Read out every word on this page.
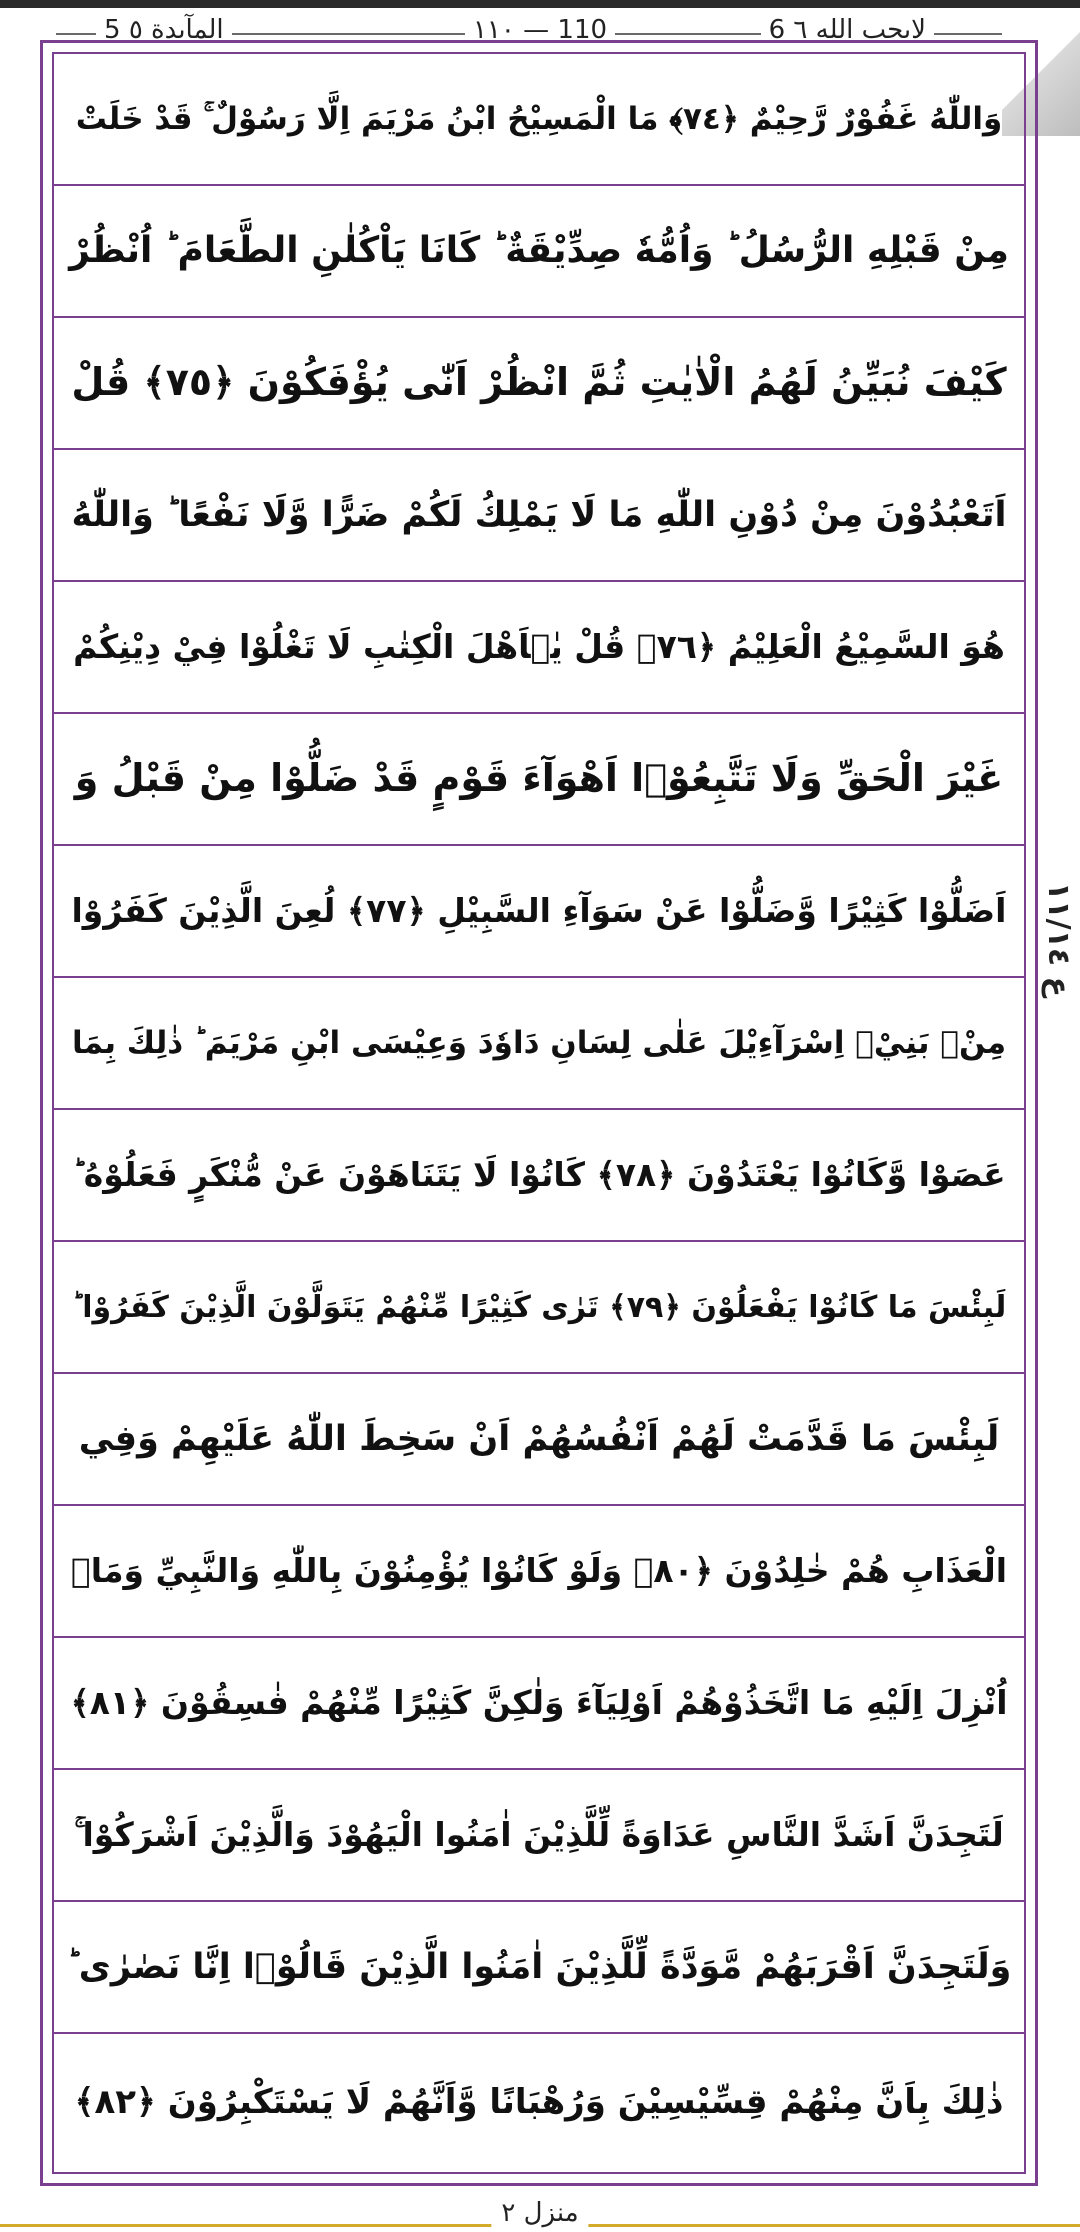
5 المآيدة ٥	١١٠ — 110	6 لايحب الله ٦
وَاللّٰهُ غَفُوْرٌ رَّحِيْمٌ ﴿٧٤﴾ مَا الْمَسِيْحُ ابْنُ مَرْيَمَ اِلَّا رَسُوْلٌ ۚ قَدْ خَلَتْ
مِنْ قَبْلِهِ الرُّسُلُ ؕ وَاُمُّهٗ صِدِّيْقَةٌ ؕ كَانَا يَاْكُلٰنِ الطَّعَامَ ؕ اُنْظُرْ
كَيْفَ نُبَيِّنُ لَهُمُ الْاٰيٰتِ ثُمَّ انْظُرْ اَنّٰى يُؤْفَكُوْنَ ﴿٧٥﴾ قُلْ
اَتَعْبُدُوْنَ مِنْ دُوْنِ اللّٰهِ مَا لَا يَمْلِكُ لَكُمْ ضَرًّا وَّلَا نَفْعًا ؕ وَاللّٰهُ
هُوَ السَّمِيْعُ الْعَلِيْمُ ﴿٧٦﴾ قُلْ يٰۤاَهْلَ الْكِتٰبِ لَا تَغْلُوْا فِيْ دِيْنِكُمْ
غَيْرَ الْحَقِّ وَلَا تَتَّبِعُوْۤا اَهْوَآءَ قَوْمٍ قَدْ ضَلُّوْا مِنْ قَبْلُ وَ
اَضَلُّوْا كَثِيْرًا وَّضَلُّوْا عَنْ سَوَآءِ السَّبِيْلِ ﴿٧٧﴾ لُعِنَ الَّذِيْنَ كَفَرُوْا
مِنْۢ بَنِيْۤ اِسْرَآءِيْلَ عَلٰى لِسَانِ دَاوٗدَ وَعِيْسَى ابْنِ مَرْيَمَ ؕ ذٰلِكَ بِمَا
عَصَوْا وَّكَانُوْا يَعْتَدُوْنَ ﴿٧٨﴾ كَانُوْا لَا يَتَنَاهَوْنَ عَنْ مُّنْكَرٍ فَعَلُوْهُ ؕ
لَبِئْسَ مَا كَانُوْا يَفْعَلُوْنَ ﴿٧٩﴾ تَرٰى كَثِيْرًا مِّنْهُمْ يَتَوَلَّوْنَ الَّذِيْنَ كَفَرُوْا ؕ
لَبِئْسَ مَا قَدَّمَتْ لَهُمْ اَنْفُسُهُمْ اَنْ سَخِطَ اللّٰهُ عَلَيْهِمْ وَفِي
الْعَذَابِ هُمْ خٰلِدُوْنَ ﴿٨٠﴾ وَلَوْ كَانُوْا يُؤْمِنُوْنَ بِاللّٰهِ وَالنَّبِيِّ وَمَاۤ
اُنْزِلَ اِلَيْهِ مَا اتَّخَذُوْهُمْ اَوْلِيَآءَ وَلٰكِنَّ كَثِيْرًا مِّنْهُمْ فٰسِقُوْنَ ﴿٨١﴾
لَتَجِدَنَّ اَشَدَّ النَّاسِ عَدَاوَةً لِّلَّذِيْنَ اٰمَنُوا الْيَهُوْدَ وَالَّذِيْنَ اَشْرَكُوْا ۚ
وَلَتَجِدَنَّ اَقْرَبَهُمْ مَّوَدَّةً لِّلَّذِيْنَ اٰمَنُوا الَّذِيْنَ قَالُوْۤا اِنَّا نَصٰرٰى ؕ
ذٰلِكَ بِاَنَّ مِنْهُمْ قِسِّيْسِيْنَ وَرُهْبَانًا وَّاَنَّهُمْ لَا يَسْتَكْبِرُوْنَ ﴿٨٢﴾
ع ١١/١٤
منزل ٢
